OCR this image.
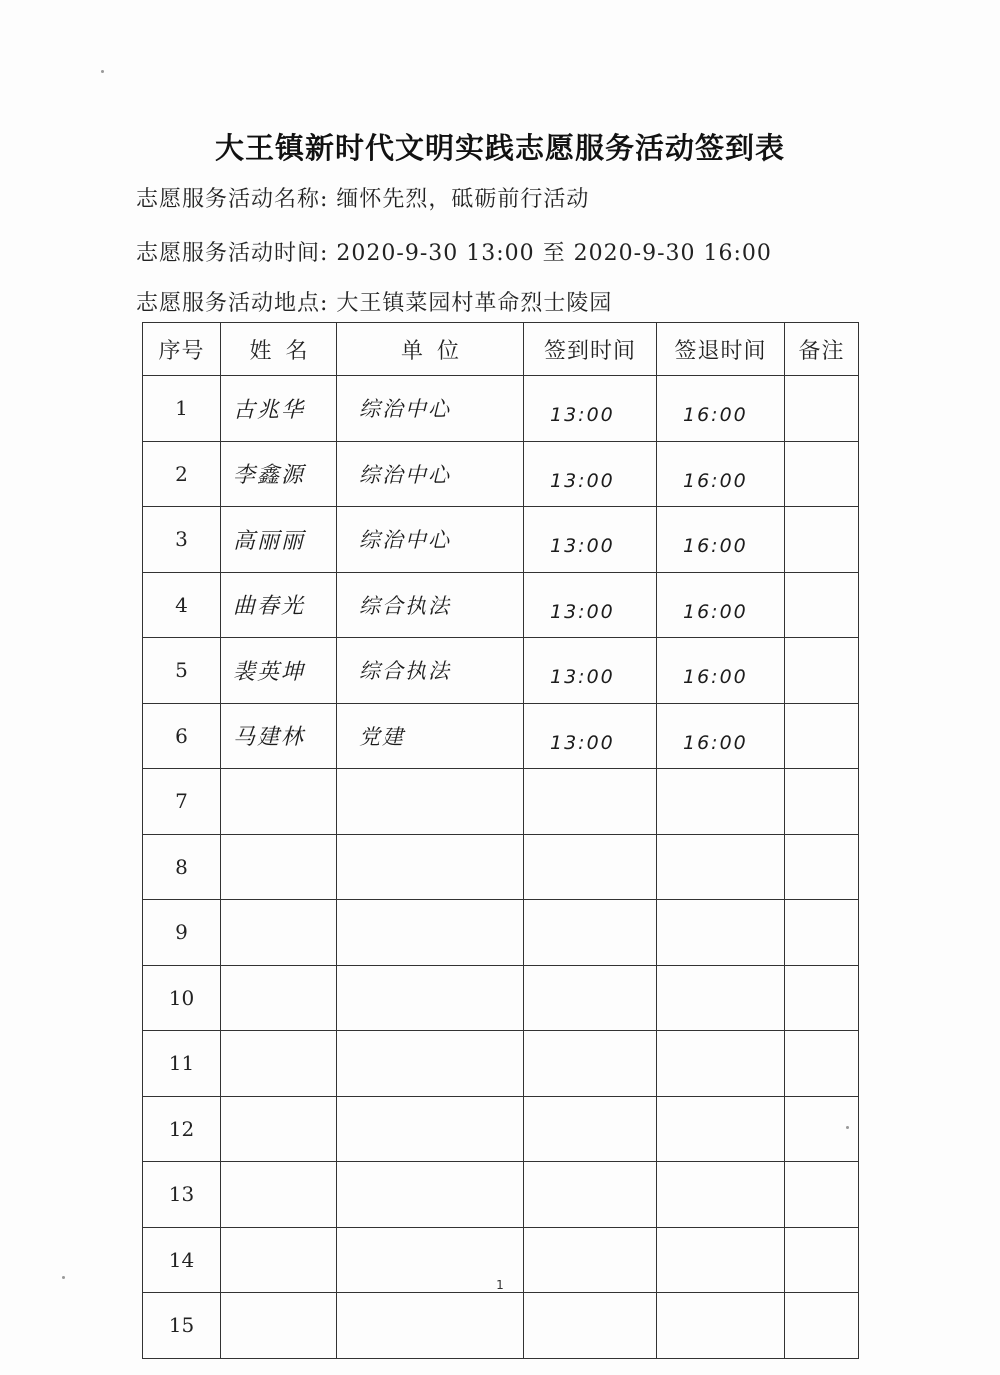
大王镇新时代文明实践志愿服务活动签到表
志愿服务活动名称: 缅怀先烈，砥砺前行活动
志愿服务活动时间: 2020-9-30 13:00 至 2020-9-30 16:00
志愿服务活动地点: 大王镇菜园村革命烈士陵园
序号	姓  名	单  位	签到时间	签退时间	备注
1	古兆华	综治中心	13:00	16:00	
2	李鑫源	综治中心	13:00	16:00	
3	高丽丽	综治中心	13:00	16:00	
4	曲春光	综合执法	13:00	16:00	
5	裴英坤	综合执法	13:00	16:00	
6	马建林	党建	13:00	16:00	
7					
8					
9					
10					
11					
12					
13					
14					
15					
1
